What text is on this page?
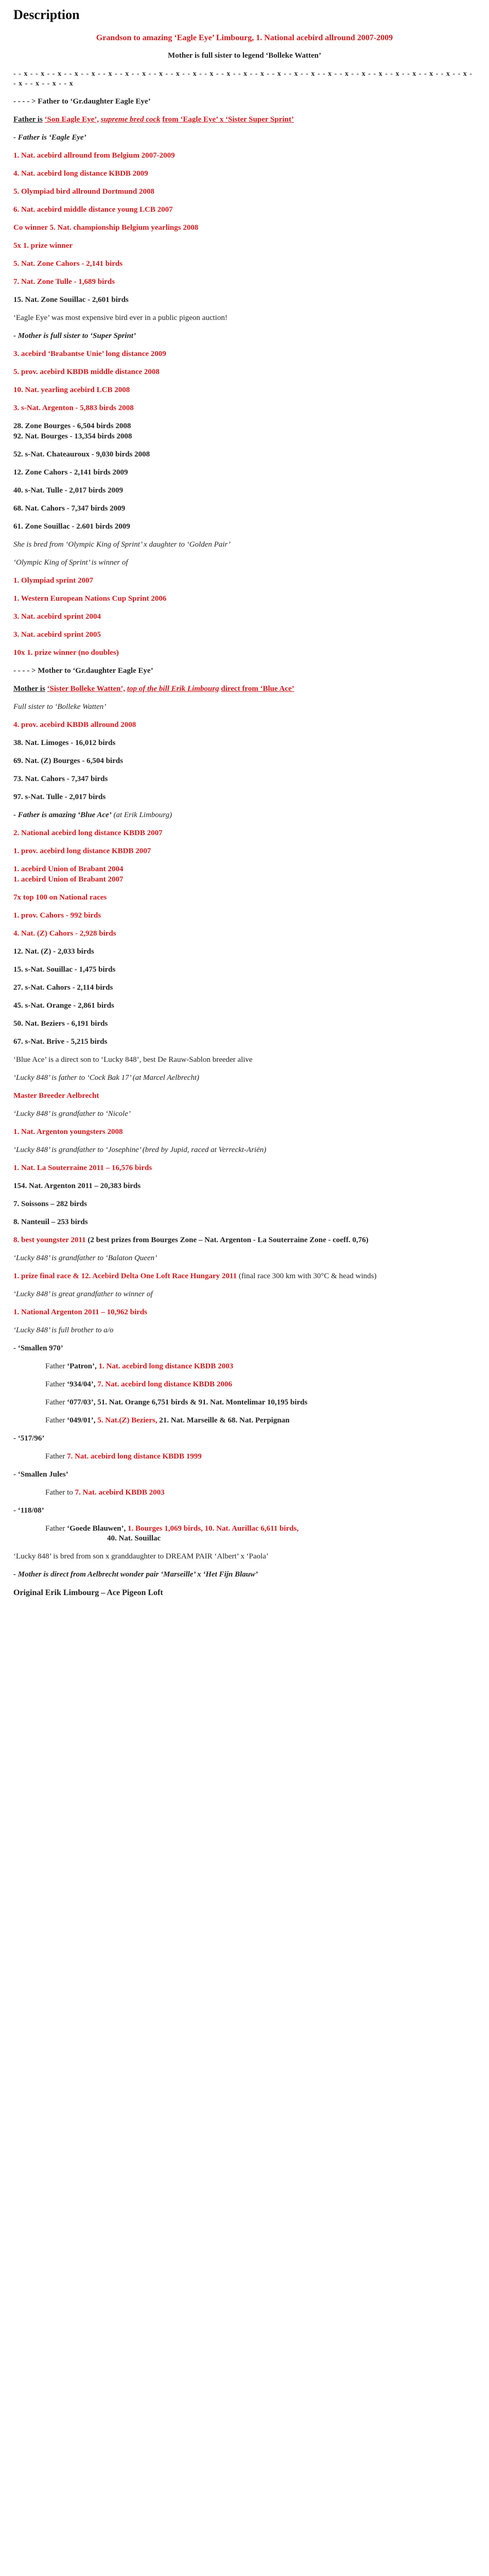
Description
Grandson to amazing ‘Eagle Eye’ Limbourg, 1. National acebird allround 2007-2009
Mother is full sister to legend ‘Bolleke Watten’
- - x - - x - - x - - x - - x - - x - - x - - x - - x - - x - - x - - x - - x - - x - - x - - x - - x - - x - - x - - x - - x - - x - - x - - x - - x - - x - - x - - x - - x - - x - - x
- - - - > Father to ‘Gr.daughter Eagle Eye’
Father is ‘Son Eagle Eye’, supreme bred cock from ‘Eagle Eye’ x ‘Sister Super Sprint’
- Father is ‘Eagle Eye’
1. Nat. acebird allround from Belgium 2007-2009
4. Nat. acebird long distance KBDB 2009
5. Olympiad bird allround Dortmund 2008
6. Nat. acebird middle distance young LCB 2007
Co winner 5. Nat. championship Belgium yearlings 2008
5x 1. prize winner
5. Nat. Zone Cahors - 2,141 birds
7. Nat. Zone Tulle - 1,689 birds
15. Nat. Zone Souillac - 2,601 birds
‘Eagle Eye’ was most expensive bird ever in a public pigeon auction!
- Mother is full sister to ‘Super Sprint’
3. acebird ‘Brabantse Unie’ long distance 2009
5. prov. acebird KBDB middle distance 2008
10. Nat. yearling acebird LCB 2008
3. s-Nat. Argenton - 5,883 birds 2008
28. Zone Bourges - 6,504 birds 2008
92. Nat. Bourges - 13,354 birds 2008
52. s-Nat. Chateauroux - 9,030 birds 2008
12. Zone Cahors - 2,141 birds 2009
40. s-Nat. Tulle - 2,017 birds 2009
68. Nat. Cahors - 7,347 birds 2009
61. Zone Souillac - 2.601 birds 2009
She is bred from ‘Olympic King of Sprint’ x daughter to ‘Golden Pair’
‘Olympic King of Sprint’ is winner of
1. Olympiad sprint 2007
1. Western European Nations Cup Sprint 2006
3. Nat. acebird sprint 2004
3. Nat. acebird sprint 2005
10x 1. prize winner (no doubles)
- - - - > Mother to ‘Gr.daughter Eagle Eye’
Mother is ‘Sister Bolleke Watten’, top of the bill Erik Limbourg direct from ‘Blue Ace’
Full sister to ‘Bolleke Watten’
4. prov. acebird KBDB allround 2008
38. Nat. Limoges - 16,012 birds
69. Nat. (Z) Bourges - 6,504 birds
73. Nat. Cahors - 7,347 birds
97. s-Nat. Tulle - 2,017 birds
- Father is amazing ‘Blue Ace’ (at Erik Limbourg)
2. National acebird long distance KBDB 2007
1. prov. acebird long distance KBDB 2007
1. acebird Union of Brabant 2004
1. acebird Union of Brabant 2007
7x top 100 on National races
1. prov. Cahors - 992 birds
4. Nat. (Z) Cahors - 2,928 birds
12. Nat. (Z) - 2,033 birds
15. s-Nat. Souillac - 1,475 birds
27. s-Nat. Cahors - 2,114 birds
45. s-Nat. Orange - 2,861 birds
50. Nat. Beziers - 6,191 birds
67. s-Nat. Brive - 5,215 birds
‘Blue Ace’ is a direct son to ‘Lucky 848’, best De Rauw-Sablon breeder alive
‘Lucky 848’ is father to ‘Cock Bak 17’ (at Marcel Aelbrecht)
Master Breeder Aelbrecht
‘Lucky 848’ is grandfather to ‘Nicole’
1. Nat. Argenton youngsters 2008
‘Lucky 848’ is grandfather to ‘Josephine’ (bred by Jupid, raced at Verreckt-Ariën)
1. Nat. La Souterraine 2011 – 16,576 birds
154. Nat. Argenton 2011 – 20,383 birds
7. Soissons – 282 birds
8. Nanteuil – 253 birds
8. best youngster 2011 (2 best prizes from Bourges Zone – Nat. Argenton - La Souterraine Zone - coeff. 0,76)
‘Lucky 848’ is grandfather to ‘Balaton Queen’
1. prize final race & 12. Acebird Delta One Loft Race Hungary 2011 (final race 300 km with 30°C & head winds)
‘Lucky 848’ is great grandfather to winner of
1. National Argenton 2011 – 10,962 birds
‘Lucky 848’ is full brother to a/o
- ‘Smallen 970’
Father ‘Patron’, 1. Nat. acebird long distance KBDB 2003
Father ‘934/04’, 7. Nat. acebird long distance KBDB 2006
Father ‘077/03’, 51. Nat. Orange 6,751 birds & 91. Nat. Montelimar 10,195 birds
Father ‘049/01’, 5. Nat.(Z) Beziers, 21. Nat. Marseille & 68. Nat. Perpignan
- ‘517/96’
Father 7. Nat. acebird long distance KBDB 1999
- ‘Smallen Jules’
Father to 7. Nat. acebird KBDB 2003
- ‘118/08’
Father ‘Goede Blauwen’, 1. Bourges 1,069 birds, 10. Nat. Aurillac 6,611 birds,
40. Nat. Souillac
‘Lucky 848’ is bred from son x granddaughter to DREAM PAIR ‘Albert’ x ‘Paola’
- Mother is direct from Aelbrecht wonder pair ‘Marseille’ x ‘Het Fijn Blauw’
Original Erik Limbourg – Ace Pigeon Loft
